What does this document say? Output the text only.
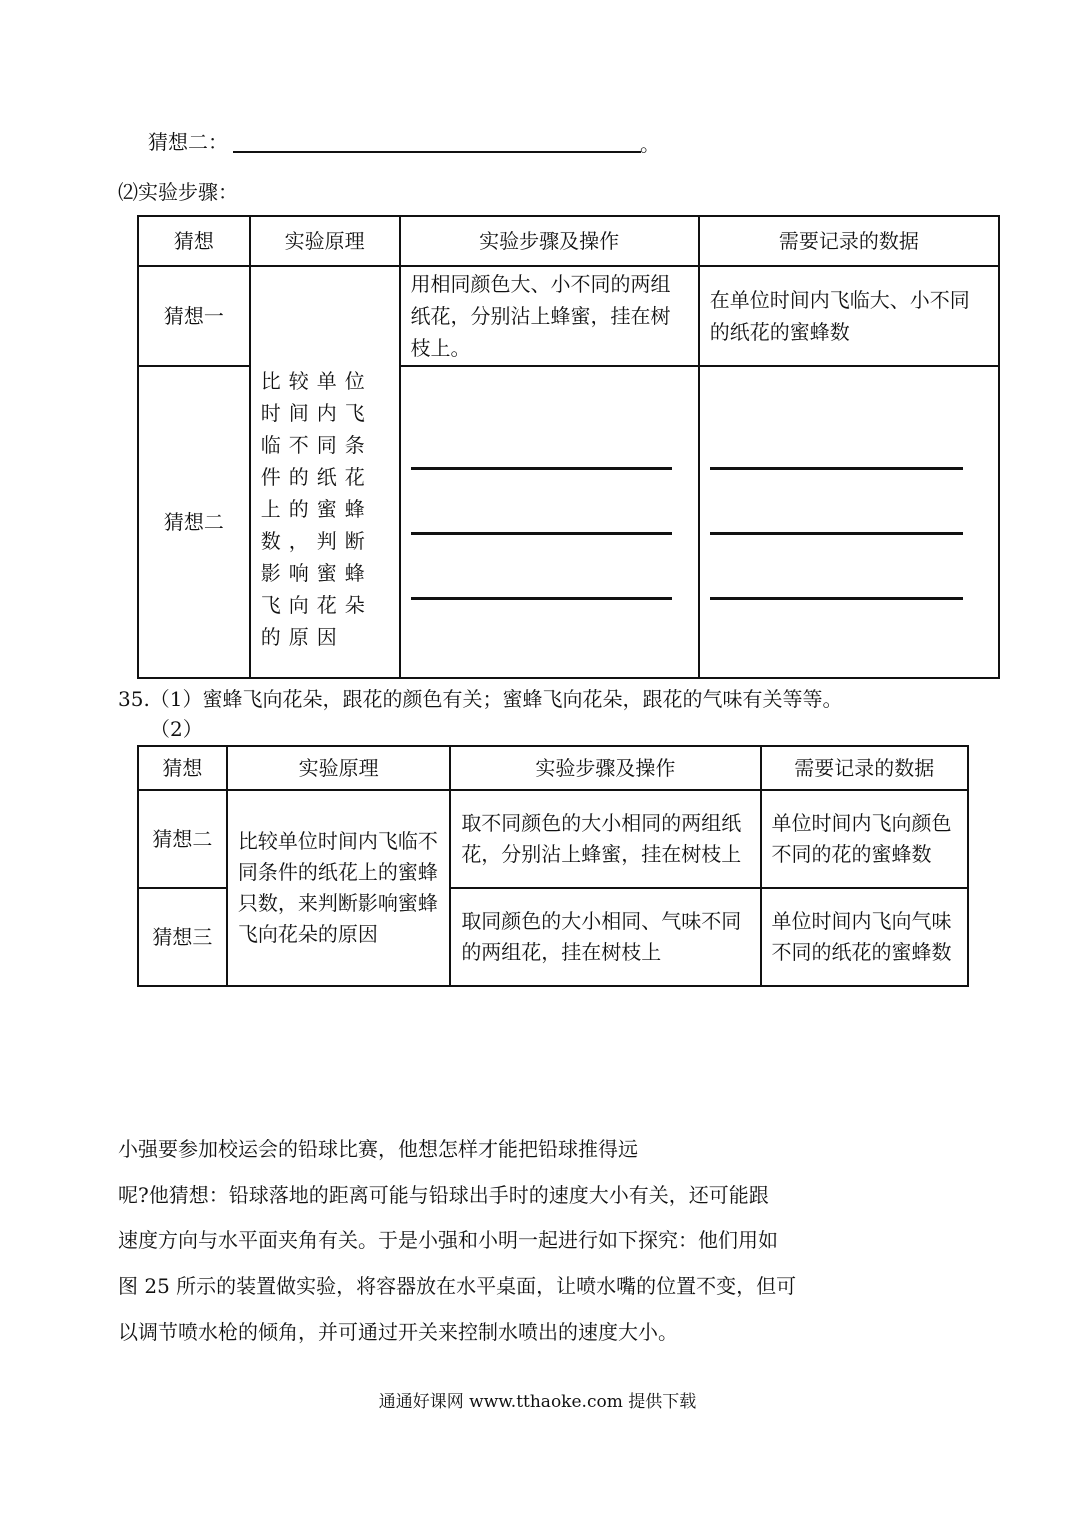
猜想二：	。
⑵实验步骤：
猜想	实验原理	实验步骤及操作	需要记录的数据
猜想一	比较单位时间内飞临不同条件的纸花上的蜜蜂数，判断影响蜜蜂飞向花朵的原因	用相同颜色大、小不同的两组纸花，分别沾上蜂蜜，挂在树枝上。	在单位时间内飞临大、小不同的纸花的蜜蜂数
猜想二		

35.（1）蜜蜂飞向花朵，跟花的颜色有关；蜜蜂飞向花朵，跟花的气味有关等等。
（2）
猜想	实验原理	实验步骤及操作	需要记录的数据
猜想二	比较单位时间内飞临不同条件的纸花上的蜜蜂只数，来判断影响蜜蜂飞向花朵的原因	取不同颜色的大小相同的两组纸花，分别沾上蜂蜜，挂在树枝上	单位时间内飞向颜色不同的花的蜜蜂数
猜想三		取同颜色的大小相同、气味不同的两组花，挂在树枝上	单位时间内飞向气味不同的纸花的蜜蜂数
小强要参加校运会的铅球比赛，他想怎样才能把铅球推得远
呢?他猜想：铅球落地的距离可能与铅球出手时的速度大小有关，还可能跟
速度方向与水平面夹角有关。于是小强和小明一起进行如下探究：他们用如
图 25 所示的装置做实验，将容器放在水平桌面，让喷水嘴的位置不变，但可
以调节喷水枪的倾角，并可通过开关来控制水喷出的速度大小。
通通好课网 www.tthaoke.com 提供下载
